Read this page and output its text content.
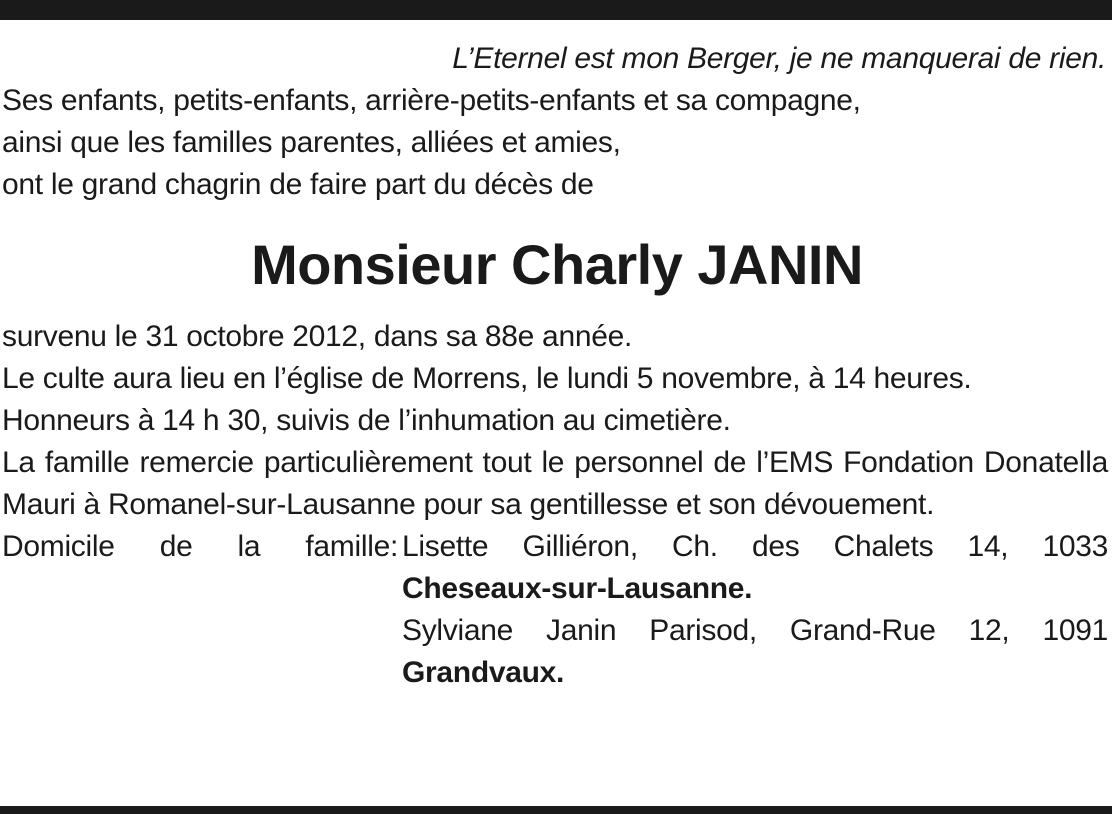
L’Eternel est mon Berger, je ne manquerai de rien.

Ses enfants, petits-enfants, arrière-petits-enfants et sa compagne,
ainsi que les familles parentes, alliées et amies,
ont le grand chagrin de faire part du décès de

Monsieur Charly JANIN

survenu le 31 octobre 2012, dans sa 88e année.

Le culte aura lieu en l’église de Morrens, le lundi 5 novembre, à 14 heures.

Honneurs à 14 h 30, suivis de l’inhumation au cimetière.

La famille remercie particulièrement tout le personnel de l’EMS Fondation Donatella Mauri à Romanel-sur-Lausanne pour sa gentillesse et son dévouement.

Domicile de la famille: Lisette Gilliéron, Ch. des Chalets 14, 1033
Cheseaux-sur-Lausanne.
Sylviane Janin Parisod, Grand-Rue 12, 1091
Grandvaux.
